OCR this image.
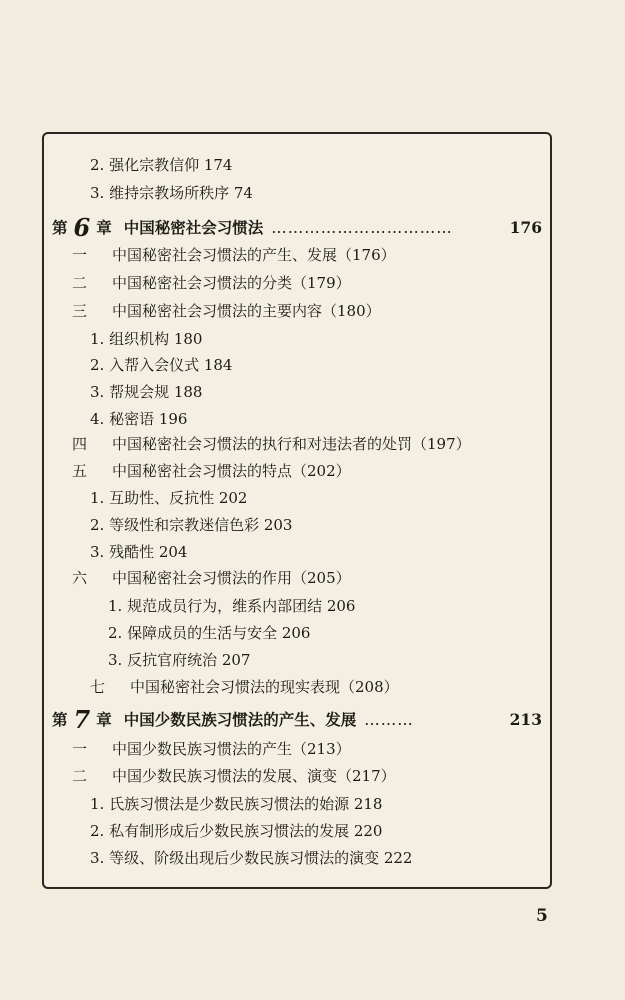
2. 强化宗教信仰 174
3. 维持宗教场所秩序 74
第 6 章 中国秘密社会习惯法 ……………………………	176
一 中国秘密社会习惯法的产生、发展（176）
二 中国秘密社会习惯法的分类（179）
三 中国秘密社会习惯法的主要内容（180）
1. 组织机构 180
2. 入帮入会仪式 184
3. 帮规会规 188
4. 秘密语 196
四 中国秘密社会习惯法的执行和对违法者的处罚（197）
五 中国秘密社会习惯法的特点（202）
1. 互助性、反抗性 202
2. 等级性和宗教迷信色彩 203
3. 残酷性 204
六 中国秘密社会习惯法的作用（205）
1. 规范成员行为，维系内部团结 206
2. 保障成员的生活与安全 206
3. 反抗官府统治 207
七 中国秘密社会习惯法的现实表现（208）
第 7 章 中国少数民族习惯法的产生、发展 ………	213
一 中国少数民族习惯法的产生（213）
二 中国少数民族习惯法的发展、演变（217）
1. 氏族习惯法是少数民族习惯法的始源 218
2. 私有制形成后少数民族习惯法的发展 220
3. 等级、阶级出现后少数民族习惯法的演变 222
5
